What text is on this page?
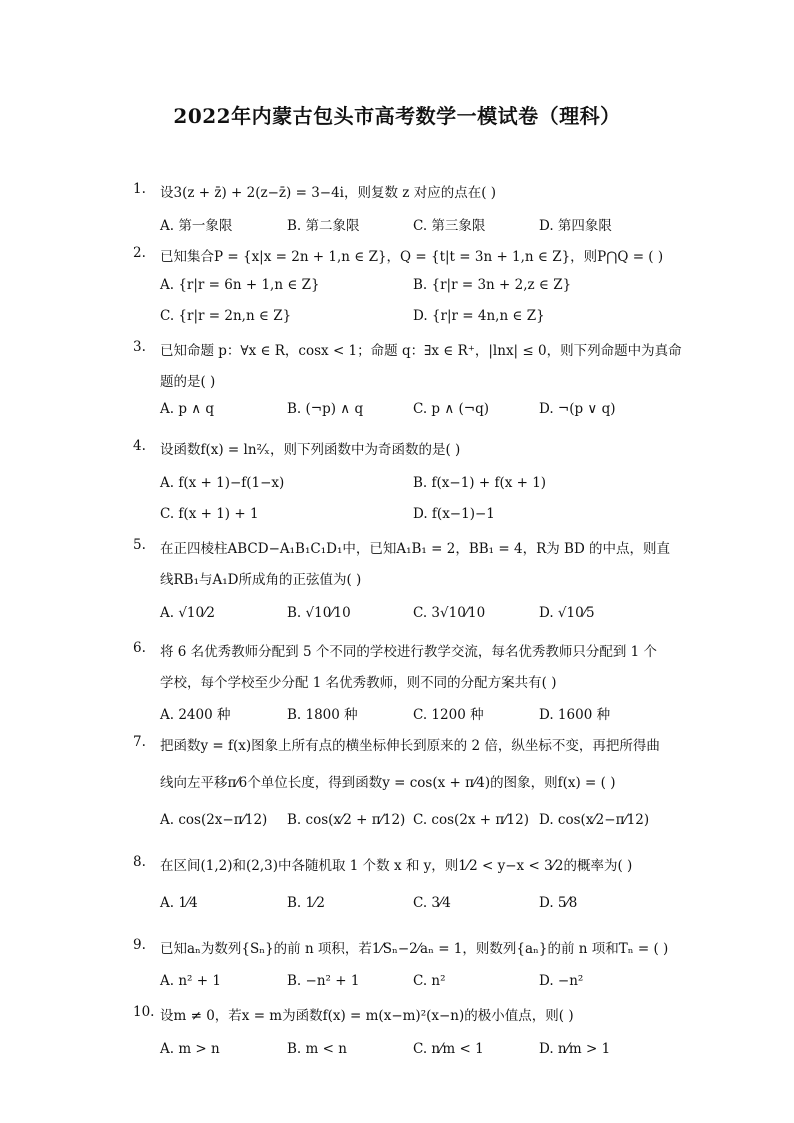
2022年内蒙古包头市高考数学一模试卷（理科）
1. 设3(z + z̄) + 2(z−z̄) = 3−4i，则复数 z 对应的点在( )
A. 第一象限	B. 第二象限	C. 第三象限	D. 第四象限
2. 已知集合P = {x|x = 2n + 1,n ∈ Z}，Q = {t|t = 3n + 1,n ∈ Z}，则P⋂Q = ( )
A. {r|r = 6n + 1,n ∈ Z}	B. {r|r = 3n + 2,z ∈ Z}
C. {r|r = 2n,n ∈ Z}	D. {r|r = 4n,n ∈ Z}
3. 已知命题 p：∀x ∈ R，cosx < 1；命题 q：∃x ∈ R⁺，|lnx| ≤ 0，则下列命题中为真命
题的是( )
A. p ∧ q	B. (¬p) ∧ q	C. p ∧ (¬q)	D. ¬(p ∨ q)
4. 设函数f(x) = ln²⁄ₓ，则下列函数中为奇函数的是( )
A. f(x + 1)−f(1−x)	B. f(x−1) + f(x + 1)
C. f(x + 1) + 1	D. f(x−1)−1
5. 在正四棱柱ABCD−A₁B₁C₁D₁中，已知A₁B₁ = 2，BB₁ = 4，R为 BD 的中点，则直
线RB₁与A₁D所成角的正弦值为( )
A. √10⁄2	B. √10⁄10	C. 3√10⁄10	D. √10⁄5
6. 将 6 名优秀教师分配到 5 个不同的学校进行教学交流，每名优秀教师只分配到 1 个
学校，每个学校至少分配 1 名优秀教师，则不同的分配方案共有( )
A. 2400 种	B. 1800 种	C. 1200 种	D. 1600 种
7. 把函数y = f(x)图象上所有点的横坐标伸长到原来的 2 倍，纵坐标不变，再把所得曲
线向左平移π⁄6个单位长度，得到函数y = cos(x + π⁄4)的图象，则f(x) = ( )
A. cos(2x−π⁄12) B. cos(x⁄2 + π⁄12) C. cos(2x + π⁄12) D. cos(x⁄2−π⁄12)
8. 在区间(1,2)和(2,3)中各随机取 1 个数 x 和 y，则1⁄2 < y−x < 3⁄2的概率为( )
A. 1⁄4	B. 1⁄2	C. 3⁄4	D. 5⁄8
9. 已知aₙ为数列{Sₙ}的前 n 项积，若1⁄Sₙ−2⁄aₙ = 1，则数列{aₙ}的前 n 项和Tₙ = ( )
A. n² + 1	B. −n² + 1	C. n²	D. −n²
10. 设m ≠ 0，若x = m为函数f(x) = m(x−m)²(x−n)的极小值点，则( )
A. m > n	B. m < n	C. n⁄m < 1	D. n⁄m > 1
